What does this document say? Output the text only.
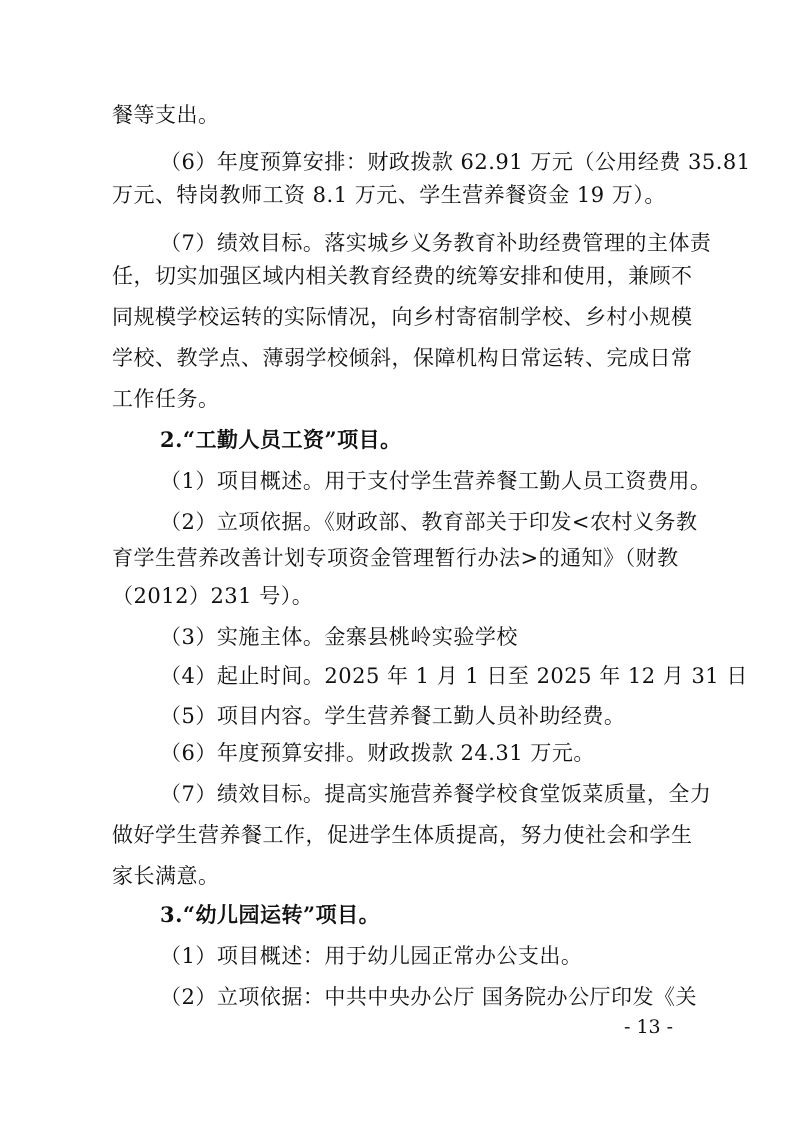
餐等支出。
（6）年度预算安排：财政拨款 62.91 万元（公用经费 35.81
万元、特岗教师工资 8.1 万元、学生营养餐资金 19 万）。
（7）绩效目标。落实城乡义务教育补助经费管理的主体责
任，切实加强区域内相关教育经费的统筹安排和使用，兼顾不
同规模学校运转的实际情况，向乡村寄宿制学校、乡村小规模
学校、教学点、薄弱学校倾斜，保障机构日常运转、完成日常
工作任务。
2.“工勤人员工资”项目。
（1）项目概述。用于支付学生营养餐工勤人员工资费用。
（2）立项依据。《财政部、教育部关于印发<农村义务教
育学生营养改善计划专项资金管理暂行办法>的通知》（财教
（2012）231 号）。
（3）实施主体。金寨县桃岭实验学校
（4）起止时间。2025 年 1 月 1 日至 2025 年 12 月 31 日
（5）项目内容。学生营养餐工勤人员补助经费。
（6）年度预算安排。财政拨款 24.31 万元。
（7）绩效目标。提高实施营养餐学校食堂饭菜质量，全力
做好学生营养餐工作，促进学生体质提高，努力使社会和学生
家长满意。
3.“幼儿园运转”项目。
（1）项目概述：用于幼儿园正常办公支出。
（2）立项依据：中共中央办公厅 国务院办公厅印发《关
- 13 -
